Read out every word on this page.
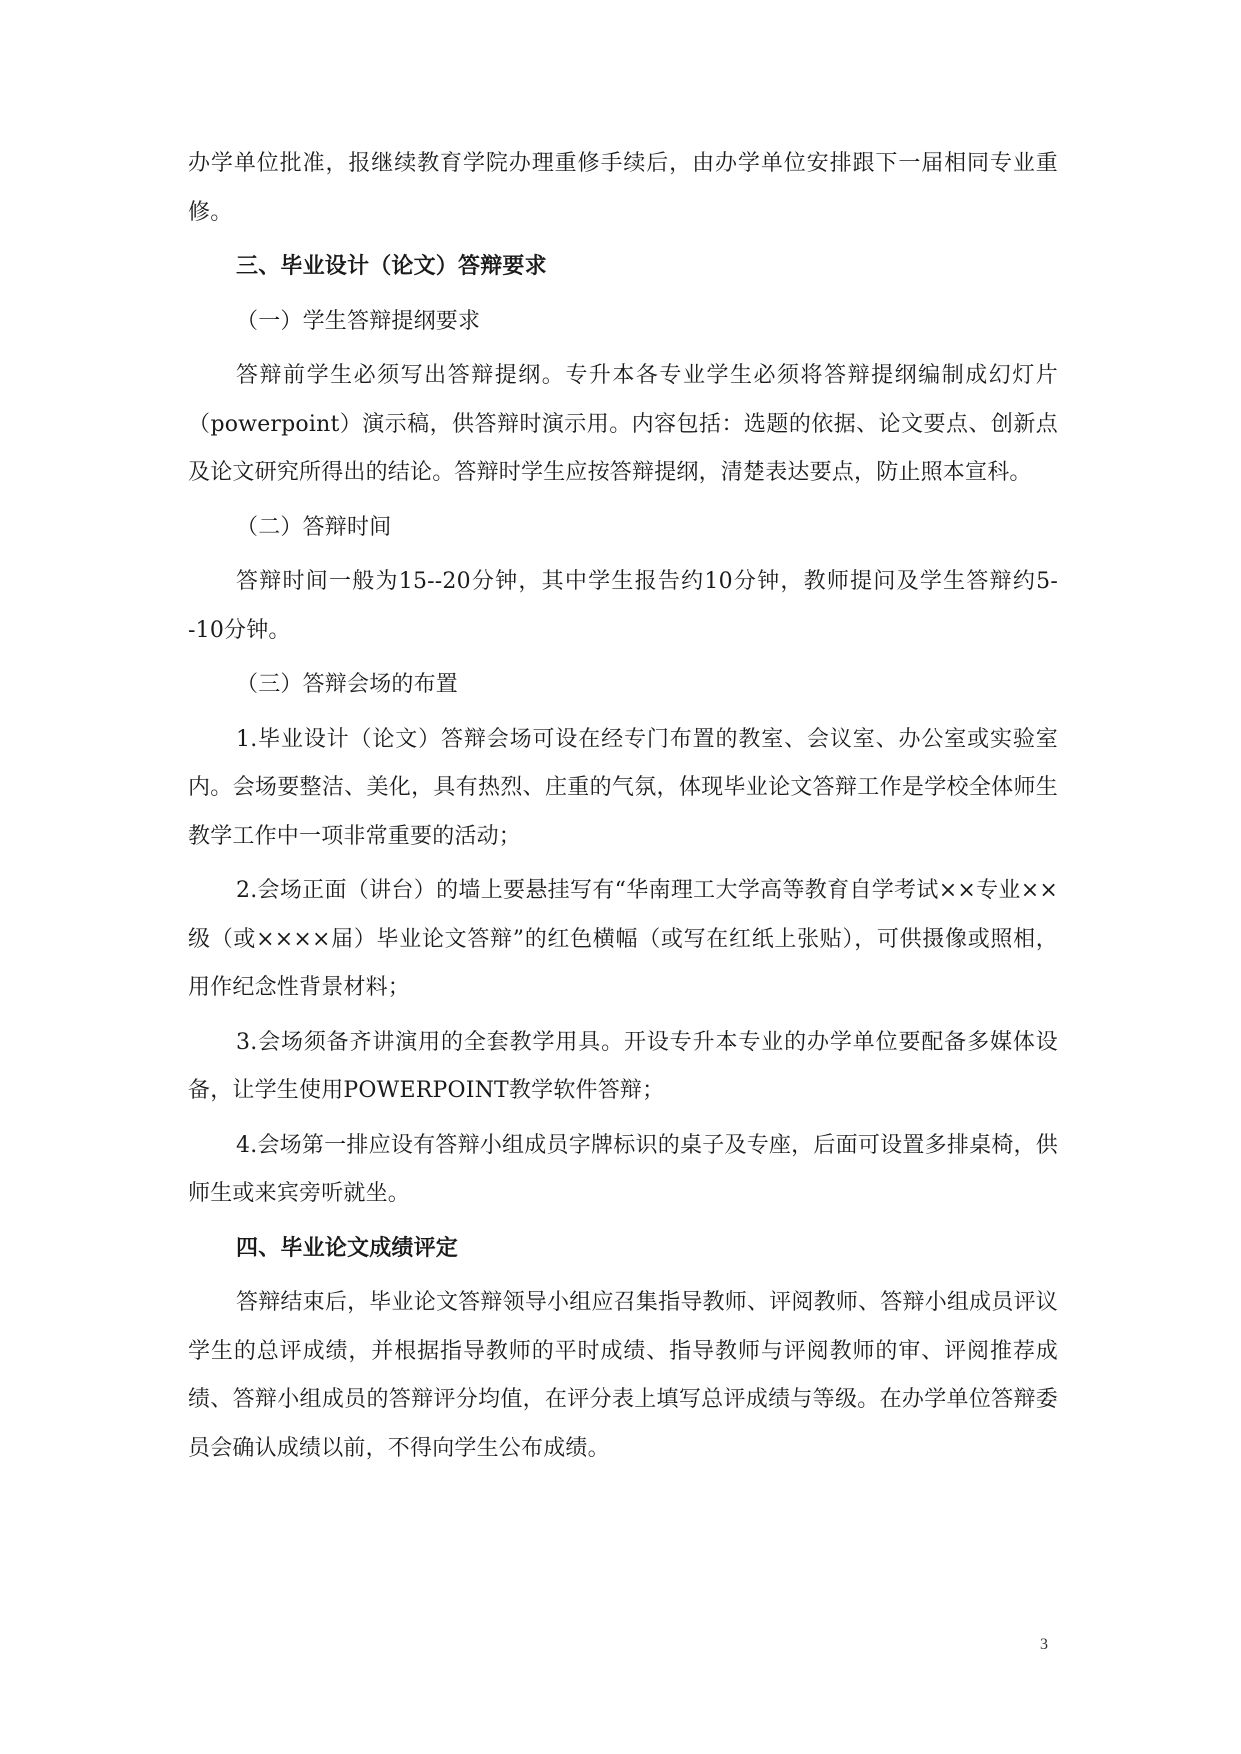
办学单位批准，报继续教育学院办理重修手续后，由办学单位安排跟下一届相同专业重修。

三、毕业设计（论文）答辩要求

（一）学生答辩提纲要求

答辩前学生必须写出答辩提纲。专升本各专业学生必须将答辩提纲编制成幻灯片（powerpoint）演示稿，供答辩时演示用。内容包括：选题的依据、论文要点、创新点及论文研究所得出的结论。答辩时学生应按答辩提纲，清楚表达要点，防止照本宣科。

（二）答辩时间

答辩时间一般为15--20分钟，其中学生报告约10分钟，教师提问及学生答辩约5--10分钟。

（三）答辩会场的布置

1.毕业设计（论文）答辩会场可设在经专门布置的教室、会议室、办公室或实验室内。会场要整洁、美化，具有热烈、庄重的气氛，体现毕业论文答辩工作是学校全体师生教学工作中一项非常重要的活动；

2.会场正面（讲台）的墙上要悬挂写有“华南理工大学高等教育自学考试××专业××级（或××××届）毕业论文答辩”的红色横幅（或写在红纸上张贴），可供摄像或照相，用作纪念性背景材料；

3.会场须备齐讲演用的全套教学用具。开设专升本专业的办学单位要配备多媒体设备，让学生使用POWERPOINT教学软件答辩；

4.会场第一排应设有答辩小组成员字牌标识的桌子及专座，后面可设置多排桌椅，供师生或来宾旁听就坐。

四、毕业论文成绩评定

答辩结束后，毕业论文答辩领导小组应召集指导教师、评阅教师、答辩小组成员评议学生的总评成绩，并根据指导教师的平时成绩、指导教师与评阅教师的审、评阅推荐成绩、答辩小组成员的答辩评分均值，在评分表上填写总评成绩与等级。在办学单位答辩委员会确认成绩以前，不得向学生公布成绩。

3
